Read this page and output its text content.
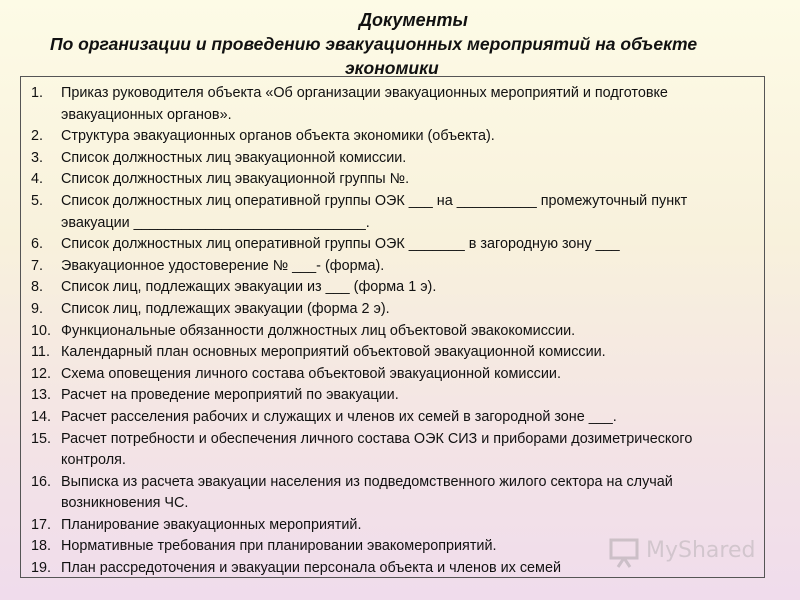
Документы
По организации и проведению эвакуационных мероприятий на объекте
экономики
1. Приказ руководителя объекта «Об организации эвакуационных мероприятий и подготовке эвакуационных органов».
2. Структура эвакуационных органов объекта экономики (объекта).
3. Список должностных лиц эвакуационной комиссии.
4. Список должностных лиц эвакуационной группы №.
5. Список должностных лиц оперативной группы ОЭК ___ на __________ промежуточный пункт эвакуации _____________________________.
6. Список должностных лиц оперативной группы ОЭК _______ в загородную зону ___
7. Эвакуационное удостоверение № ___- (форма).
8. Список лиц, подлежащих эвакуации из ___ (форма 1 э).
9. Список лиц, подлежащих эвакуации (форма 2 э).
10. Функциональные обязанности должностных лиц объектовой эвакокомиссии.
11. Календарный план основных мероприятий объектовой эвакуационной комиссии.
12. Схема оповещения личного состава объектовой эвакуационной комиссии.
13. Расчет на проведение мероприятий по эвакуации.
14. Расчет расселения рабочих и служащих и членов их семей в загородной зоне ___.
15. Расчет потребности и обеспечения личного состава ОЭК СИЗ и приборами дозиметрического контроля.
16. Выписка из расчета эвакуации населения из подведомственного жилого сектора на случай возникновения ЧС.
17. Планирование эвакуационных мероприятий.
18. Нормативные требования при планировании эвакомероприятий.
19. План рассредоточения и эвакуации персонала объекта и членов их семей
MyShared
